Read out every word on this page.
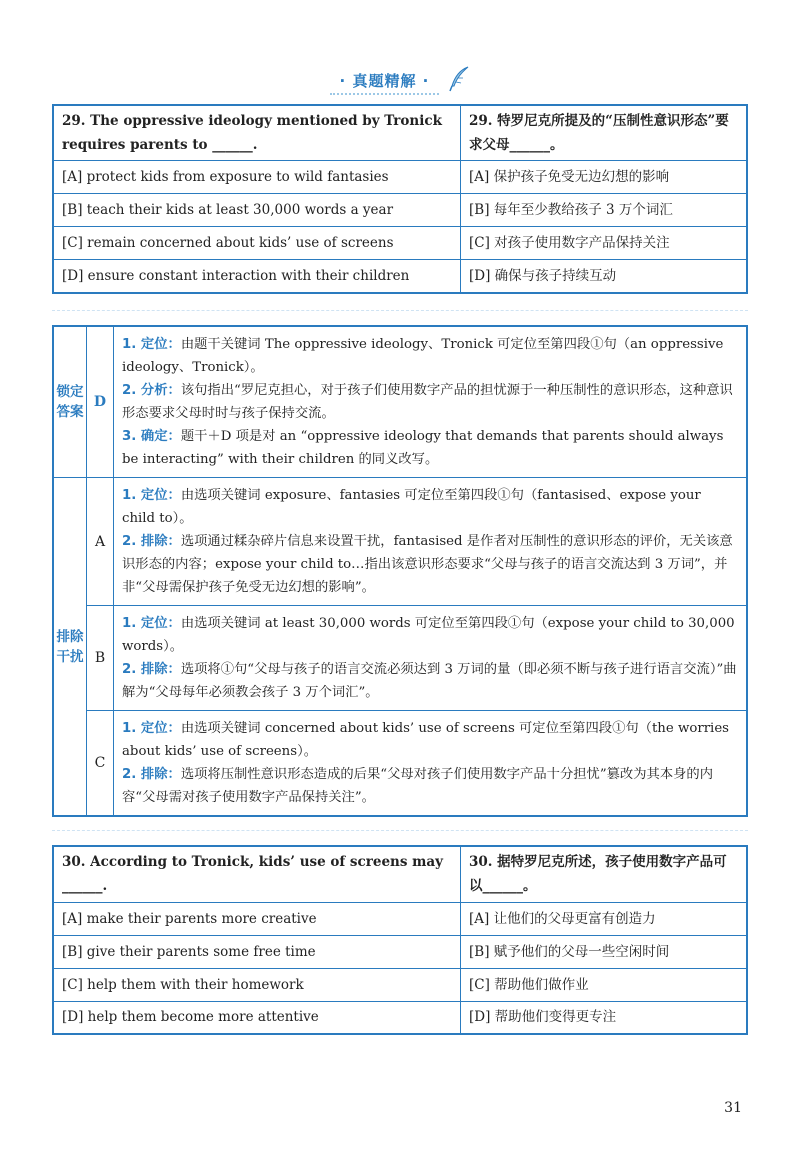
· 真题精解 ·
29. The oppressive ideology mentioned by Tronick requires parents to ______.	29. 特罗尼克所提及的“压制性意识形态”要求父母______。
[A] protect kids from exposure to wild fantasies	[A] 保护孩子免受无边幻想的影响
[B] teach their kids at least 30,000 words a year	[B] 每年至少教给孩子 3 万个词汇
[C] remain concerned about kids’ use of screens	[C] 对孩子使用数字产品保持关注
[D] ensure constant interaction with their children	[D] 确保与孩子持续互动
锁定答案	D	1. 定位：由题干关键词 The oppressive ideology、Tronick 可定位至第四段①句（an oppressive ideology、Tronick）。
2. 分析：该句指出“罗尼克担心，对于孩子们使用数字产品的担忧源于一种压制性的意识形态，这种意识形态要求父母时时与孩子保持交流。
3. 确定：题干＋D 项是对 an “oppressive ideology that demands that parents should always be interacting” with their children 的同义改写。

排除干扰	A	1. 定位：由选项关键词 exposure、fantasies 可定位至第四段①句（fantasised、expose your child to）。
2. 排除：选项通过糅杂碎片信息来设置干扰，fantasised 是作者对压制性的意识形态的评价，无关该意识形态的内容；expose your child to…指出该意识形态要求“父母与孩子的语言交流达到 3 万词”，并非“父母需保护孩子免受无边幻想的影响”。

	B	1. 定位：由选项关键词 at least 30,000 words 可定位至第四段①句（expose your child to 30,000 words）。
2. 排除：选项将①句“父母与孩子的语言交流必须达到 3 万词的量（即必须不断与孩子进行语言交流）”曲解为“父母每年必须教会孩子 3 万个词汇”。

	C	1. 定位：由选项关键词 concerned about kids’ use of screens 可定位至第四段①句（the worries about kids’ use of screens）。
2. 排除：选项将压制性意识形态造成的后果“父母对孩子们使用数字产品十分担忧”篡改为其本身的内容“父母需对孩子使用数字产品保持关注”。
30. According to Tronick, kids’ use of screens may ______.	30. 据特罗尼克所述，孩子使用数字产品可以______。
[A] make their parents more creative	[A] 让他们的父母更富有创造力
[B] give their parents some free time	[B] 赋予他们的父母一些空闲时间
[C] help them with their homework	[C] 帮助他们做作业
[D] help them become more attentive	[D] 帮助他们变得更专注
31
